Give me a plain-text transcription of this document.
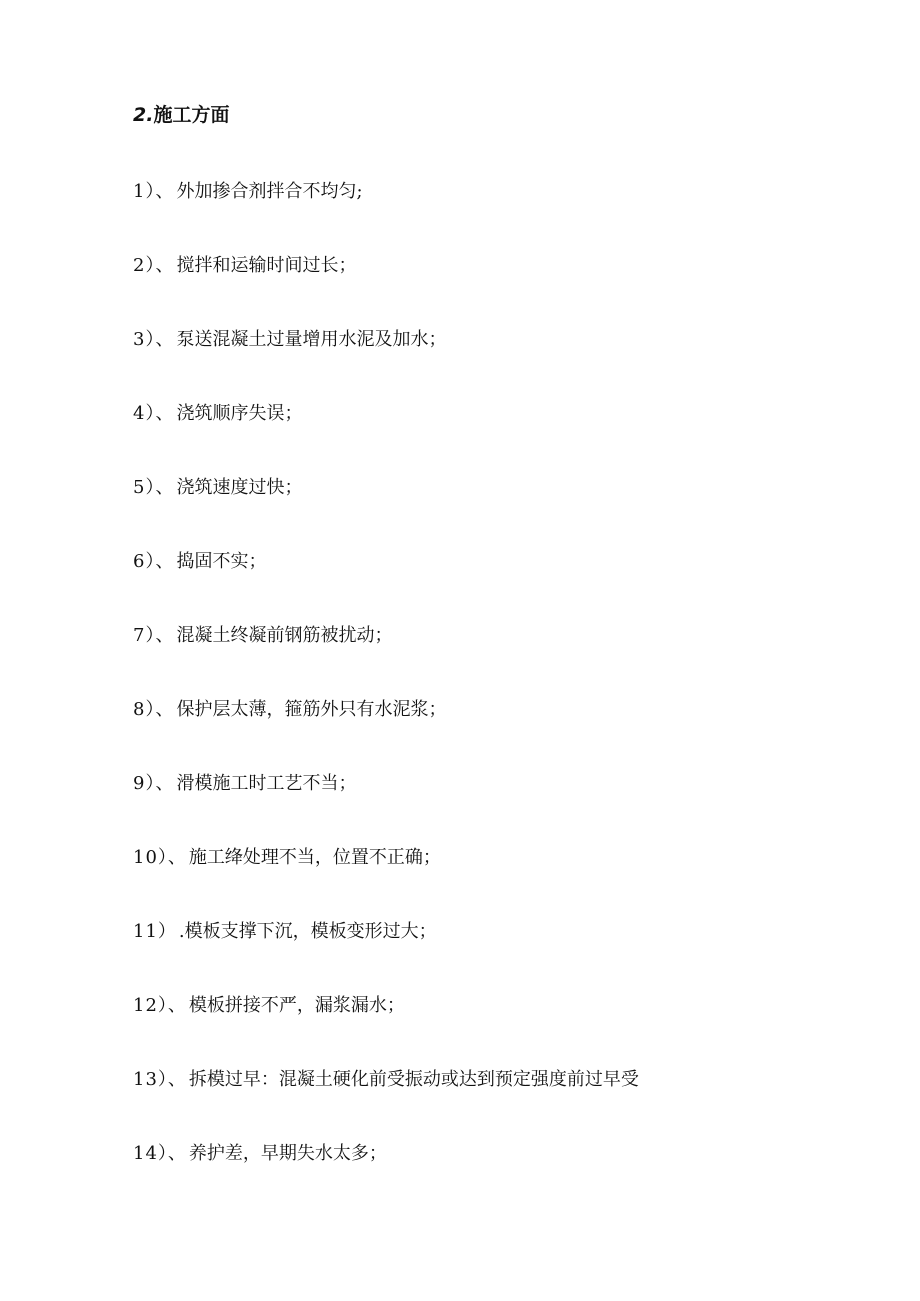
2.施工方面
1）、 外加掺合剂拌合不均匀;
2）、 搅拌和运输时间过长；
3）、 泵送混凝土过量增用水泥及加水；
4）、 浇筑顺序失误；
5）、 浇筑速度过快；
6）、 捣固不实；
7）、 混凝土终凝前钢筋被扰动；
8）、 保护层太薄，箍筋外只有水泥浆；
9）、 滑模施工时工艺不当；
10）、 施工绛处理不当，位置不正确；
11） .模板支撑下沉，模板变形过大；
12）、 模板拼接不严，漏浆漏水；
13）、 拆模过早：混凝土硬化前受振动或达到预定强度前过早受
14）、 养护差，早期失水太多；
